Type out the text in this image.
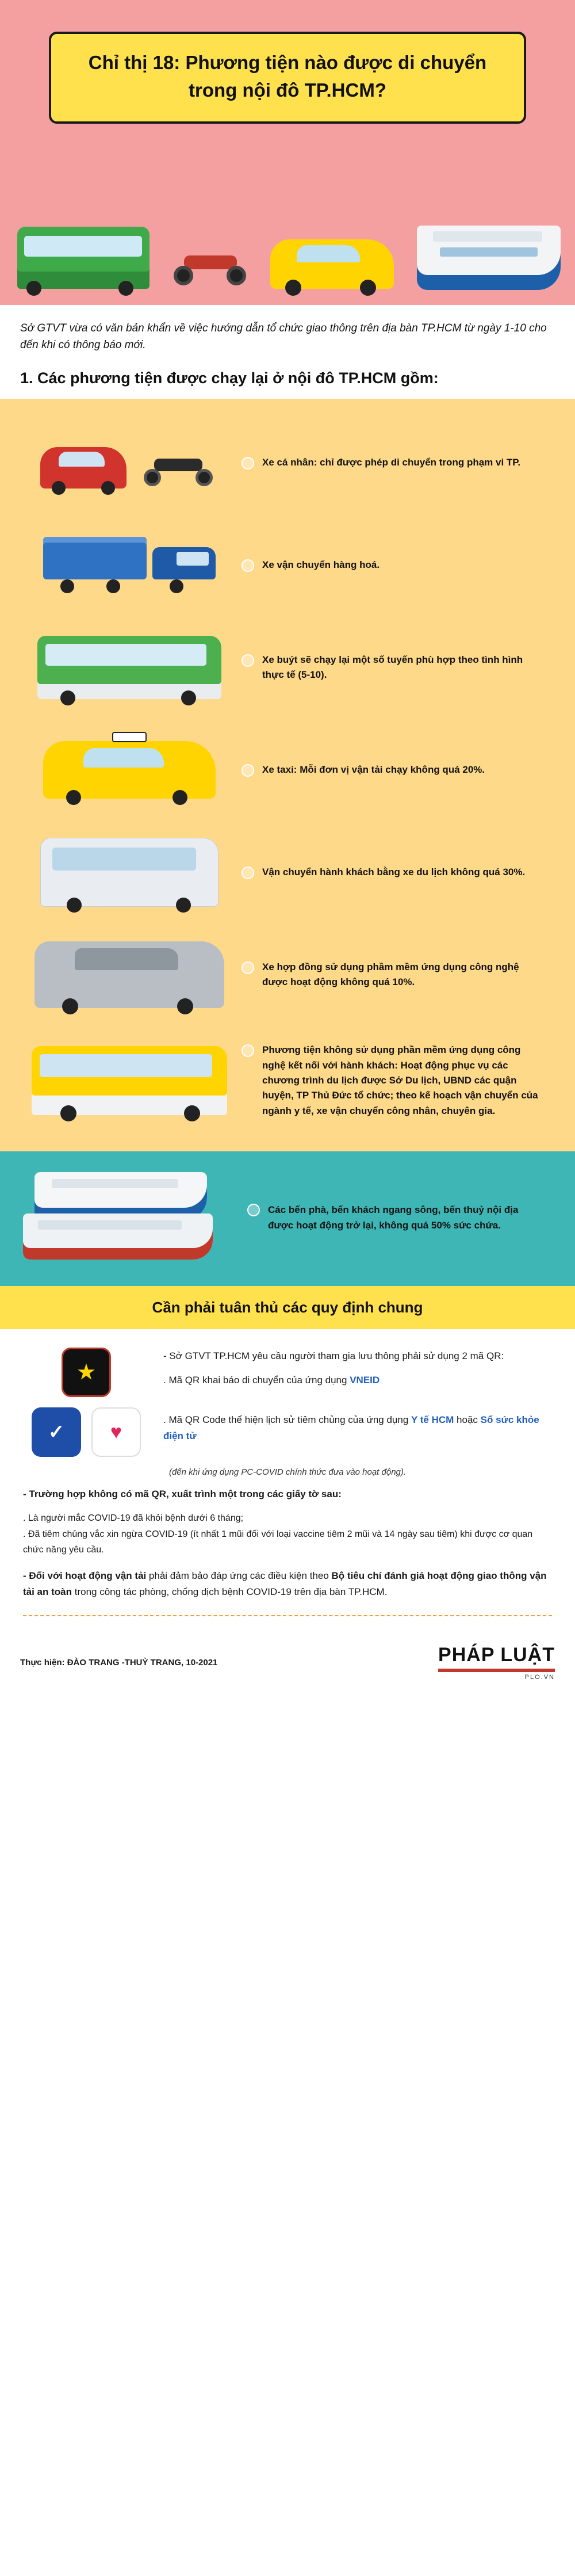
Chỉ thị 18: Phương tiện nào được di chuyển trong nội đô TP.HCM?

Sở GTVT vừa có văn bản khẩn về việc hướng dẫn tổ chức giao thông trên địa bàn TP.HCM từ ngày 1-10 cho đến khi có thông báo mới.

1. Các phương tiện được chạy lại ở nội đô TP.HCM gồm:

Xe cá nhân: chỉ được phép di chuyển trong phạm vi TP.

Xe vận chuyển hàng hoá.

Xe buýt sẽ chạy lại một số tuyến phù hợp theo tình hình thực tế (5-10).

Xe taxi: Mỗi đơn vị vận tải chạy không quá 20%.

Vận chuyển hành khách bằng xe du lịch không quá 30%.

Xe hợp đồng sử dụng phầm mềm ứng dụng công nghệ được hoạt động không quá 10%.

Phương tiện không sử dụng phần mềm ứng dụng công nghệ kết nối với hành khách: Hoạt động phục vụ các chương trình du lịch được Sở Du lịch, UBND các quận huyện, TP Thủ Đức tổ chức; theo kế hoạch vận chuyển của ngành y tế, xe vận chuyển công nhân, chuyên gia.

Các bến phà, bến khách ngang sông, bến thuỷ nội địa được hoạt động trở lại, không quá 50% sức chứa.

Cần phải tuân thủ các quy định chung
★
- Sở GTVT TP.HCM yêu cầu người tham gia lưu thông phải sử dụng 2 mã QR:
. Mã QR khai báo di chuyển của ứng dụng VNEID
✓	♥
. Mã QR Code thể hiện lịch sử tiêm chủng của ứng dụng Y tế HCM hoặc Sổ sức khỏe điện tử
(đến khi ứng dụng PC-COVID chính thức đưa vào hoạt động).
- Trường hợp không có mã QR, xuất trình một trong các giấy tờ sau:
. Là người mắc COVID-19 đã khỏi bệnh dưới 6 tháng;
. Đã tiêm chủng vắc xin ngừa COVID-19 (ít nhất 1 mũi đối với loại vaccine tiêm 2 mũi và 14 ngày sau tiêm) khi được cơ quan chức năng yêu cầu.
- Đối với hoạt động vận tải phải đảm bảo đáp ứng các điều kiện theo Bộ tiêu chí đánh giá hoạt động giao thông vận tải an toàn trong công tác phòng, chống dịch bệnh COVID-19 trên địa bàn TP.HCM.
Thực hiện: ĐÀO TRANG -THUỲ TRANG, 10-2021	PHÁP LUẬT
PLO.VN
